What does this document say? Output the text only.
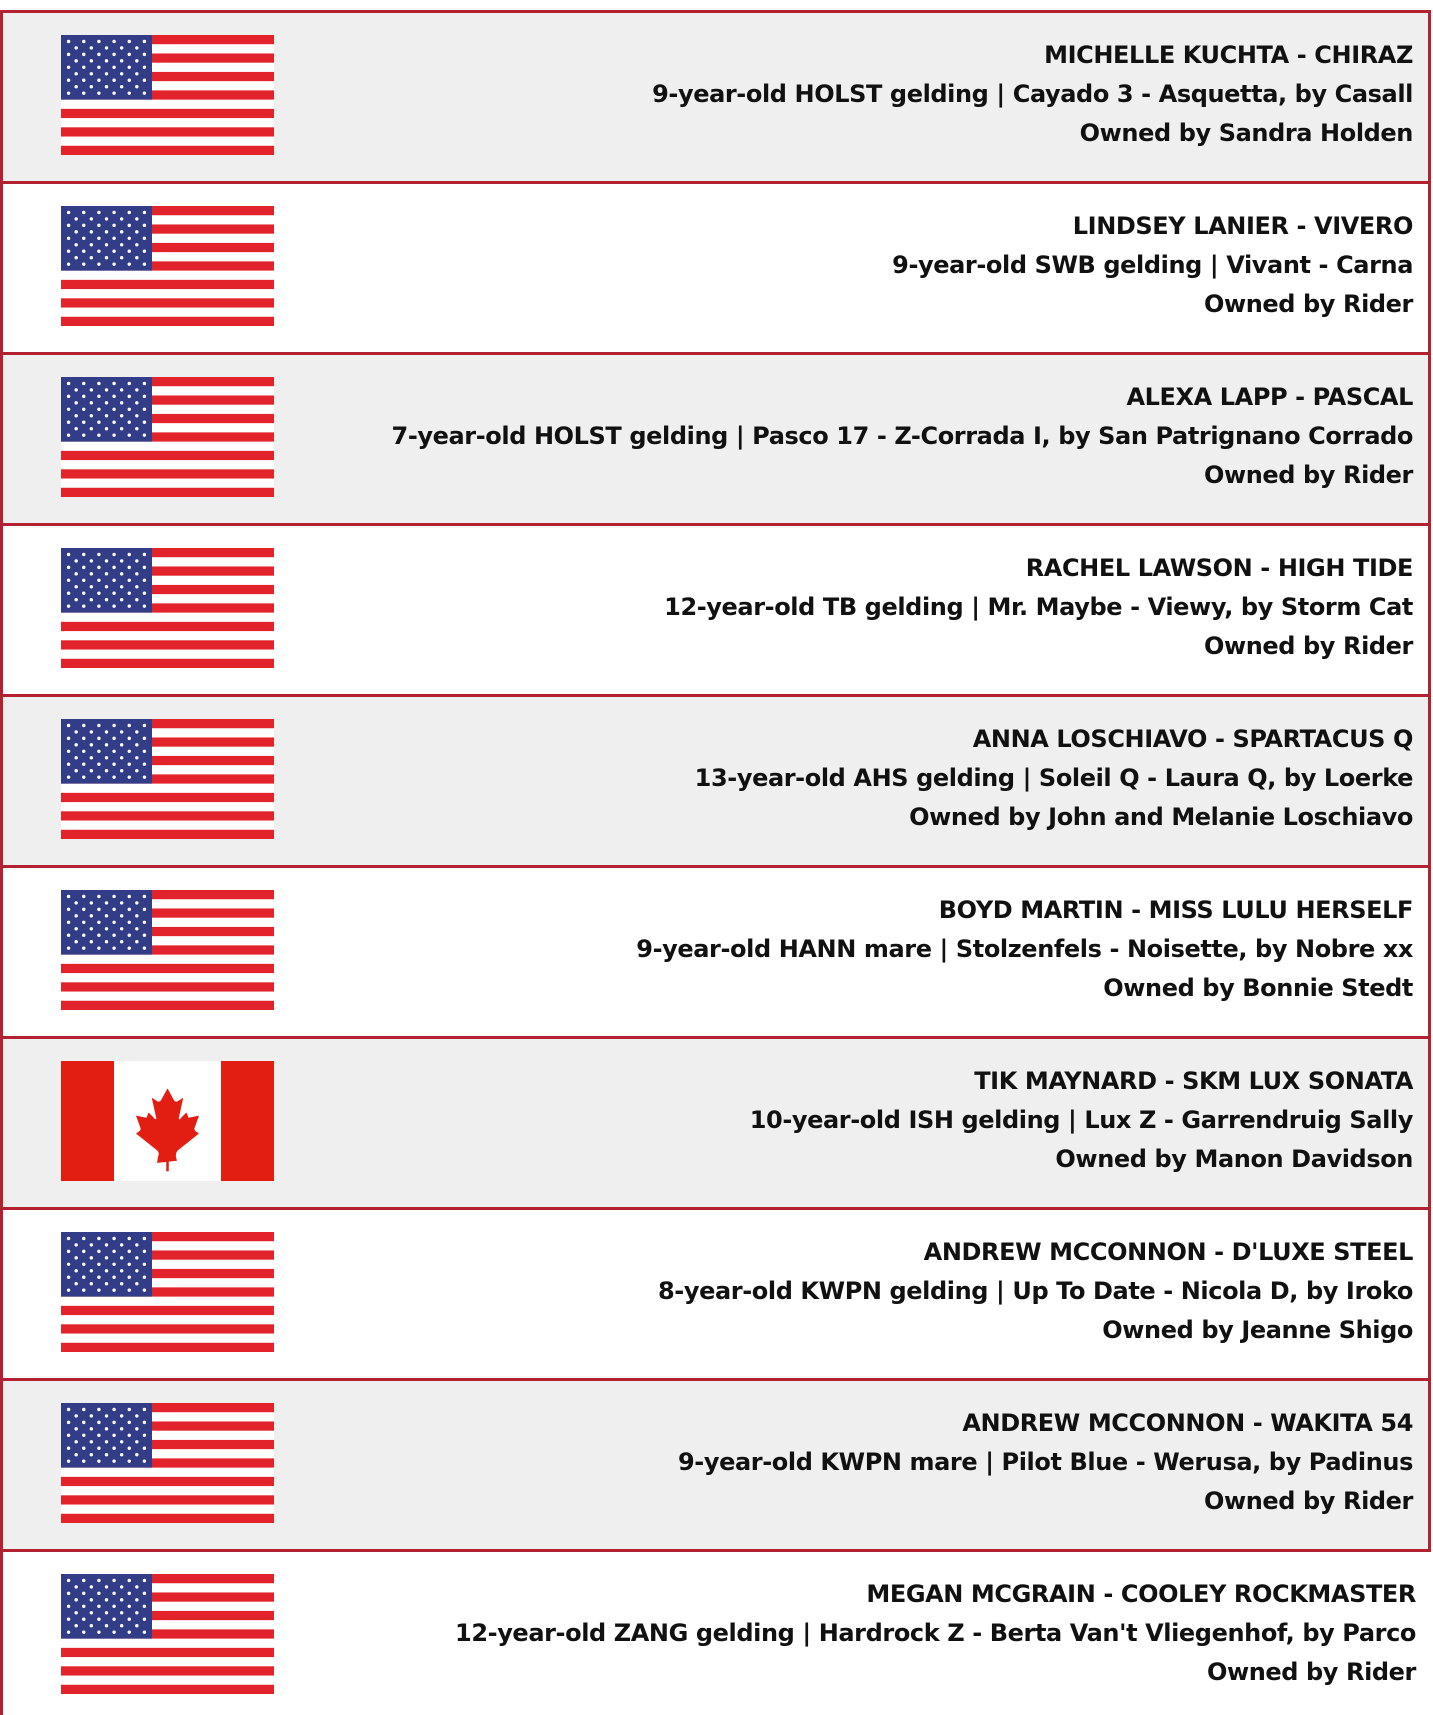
MICHELLE KUCHTA - CHIRAZ
9-year-old HOLST gelding | Cayado 3 - Asquetta, by Casall
Owned by Sandra Holden
LINDSEY LANIER - VIVERO
9-year-old SWB gelding | Vivant - Carna
Owned by Rider
ALEXA LAPP - PASCAL
7-year-old HOLST gelding | Pasco 17 - Z-Corrada I, by San Patrignano Corrado
Owned by Rider
RACHEL LAWSON - HIGH TIDE
12-year-old TB gelding | Mr. Maybe - Viewy, by Storm Cat
Owned by Rider
ANNA LOSCHIAVO - SPARTACUS Q
13-year-old AHS gelding | Soleil Q - Laura Q, by Loerke
Owned by John and Melanie Loschiavo
BOYD MARTIN - MISS LULU HERSELF
9-year-old HANN mare | Stolzenfels - Noisette, by Nobre xx
Owned by Bonnie Stedt
TIK MAYNARD - SKM LUX SONATA
10-year-old ISH gelding | Lux Z - Garrendruig Sally
Owned by Manon Davidson
ANDREW MCCONNON - D'LUXE STEEL
8-year-old KWPN gelding | Up To Date - Nicola D, by Iroko
Owned by Jeanne Shigo
ANDREW MCCONNON - WAKITA 54
9-year-old KWPN mare | Pilot Blue - Werusa, by Padinus
Owned by Rider
MEGAN MCGRAIN - COOLEY ROCKMASTER
12-year-old ZANG gelding | Hardrock Z - Berta Van't Vliegenhof, by Parco
Owned by Rider
